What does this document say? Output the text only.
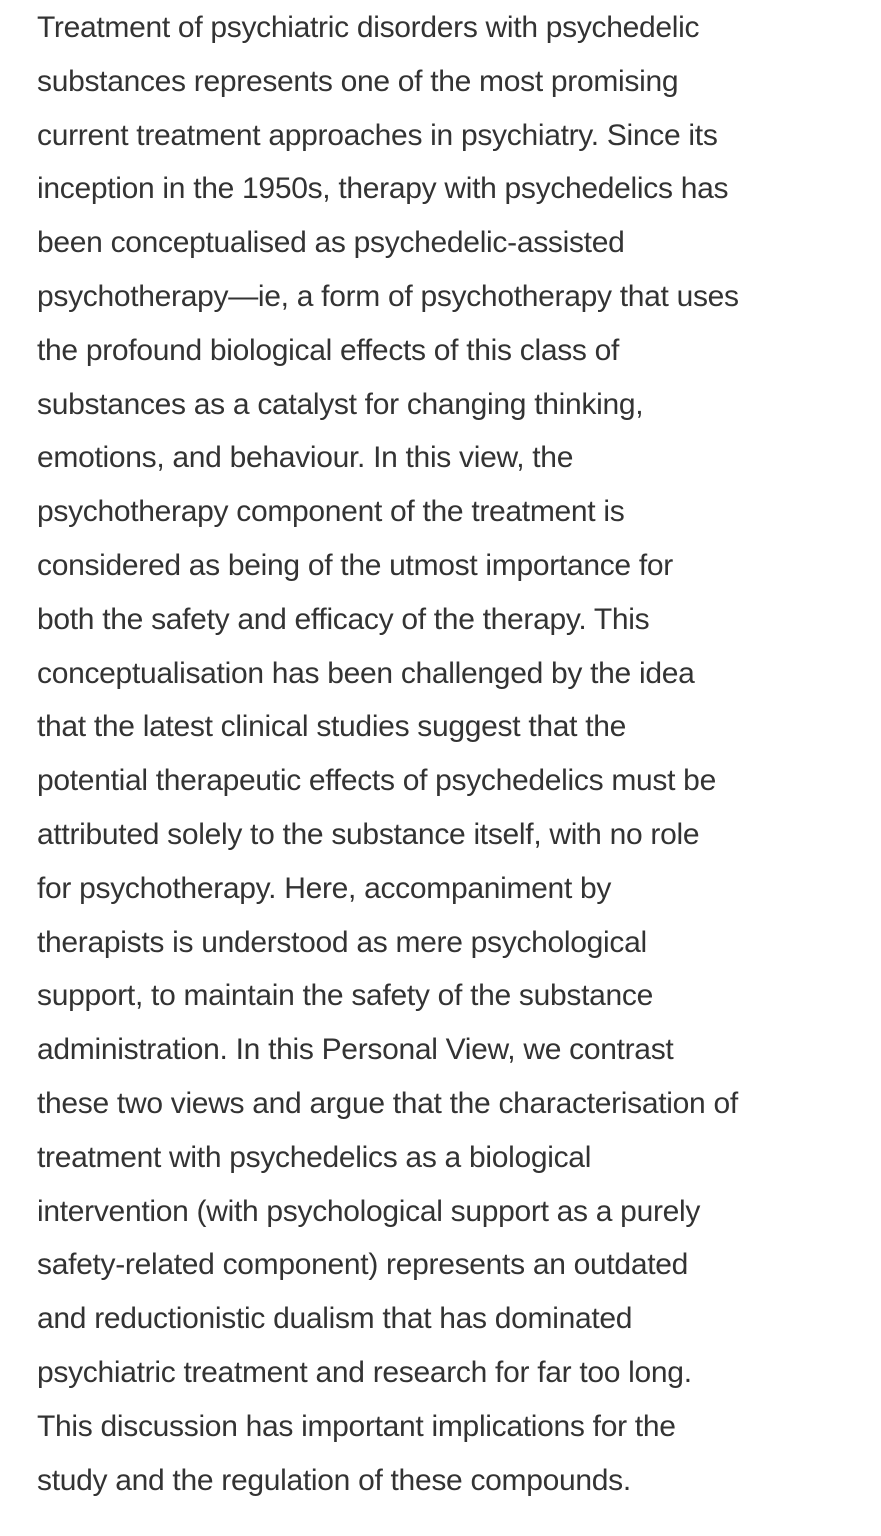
Treatment of psychiatric disorders with psychedelic
substances represents one of the most promising
current treatment approaches in psychiatry. Since its
inception in the 1950s, therapy with psychedelics has
been conceptualised as psychedelic-assisted
psychotherapy—ie, a form of psychotherapy that uses
the profound biological effects of this class of
substances as a catalyst for changing thinking,
emotions, and behaviour. In this view, the
psychotherapy component of the treatment is
considered as being of the utmost importance for
both the safety and efficacy of the therapy. This
conceptualisation has been challenged by the idea
that the latest clinical studies suggest that the
potential therapeutic effects of psychedelics must be
attributed solely to the substance itself, with no role
for psychotherapy. Here, accompaniment by
therapists is understood as mere psychological
support, to maintain the safety of the substance
administration. In this Personal View, we contrast
these two views and argue that the characterisation of
treatment with psychedelics as a biological
intervention (with psychological support as a purely
safety-related component) represents an outdated
and reductionistic dualism that has dominated
psychiatric treatment and research for far too long.
This discussion has important implications for the
study and the regulation of these compounds.
